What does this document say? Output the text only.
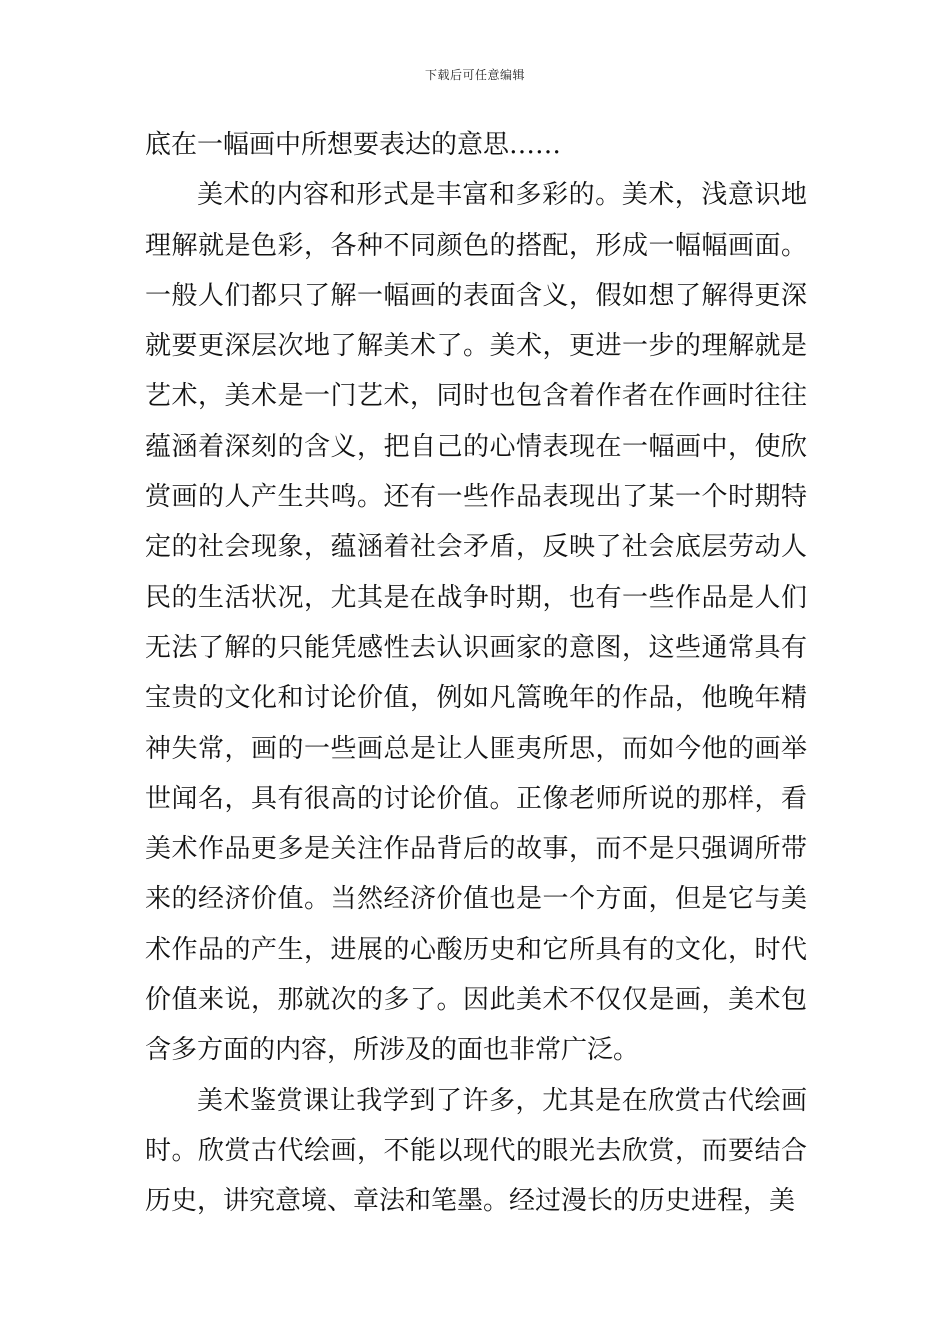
下载后可任意编辑

底在一幅画中所想要表达的意思……

美术的内容和形式是丰富和多彩的。美术，浅意识地理解就是色彩，各种不同颜色的搭配，形成一幅幅画面。一般人们都只了解一幅画的表面含义，假如想了解得更深就要更深层次地了解美术了。美术，更进一步的理解就是艺术，美术是一门艺术，同时也包含着作者在作画时往往蕴涵着深刻的含义，把自己的心情表现在一幅画中，使欣赏画的人产生共鸣。还有一些作品表现出了某一个时期特定的社会现象，蕴涵着社会矛盾，反映了社会底层劳动人民的生活状况，尤其是在战争时期，也有一些作品是人们无法了解的只能凭感性去认识画家的意图，这些通常具有宝贵的文化和讨论价值，例如凡篙晚年的作品，他晚年精神失常，画的一些画总是让人匪夷所思，而如今他的画举世闻名，具有很高的讨论价值。正像老师所说的那样，看美术作品更多是关注作品背后的故事，而不是只强调所带来的经济价值。当然经济价值也是一个方面，但是它与美术作品的产生，进展的心酸历史和它所具有的文化，时代价值来说，那就次的多了。因此美术不仅仅是画，美术包含多方面的内容，所涉及的面也非常广泛。

美术鉴赏课让我学到了许多，尤其是在欣赏古代绘画时。欣赏古代绘画，不能以现代的眼光去欣赏，而要结合历史，讲究意境、章法和笔墨。经过漫长的历史进程，美
